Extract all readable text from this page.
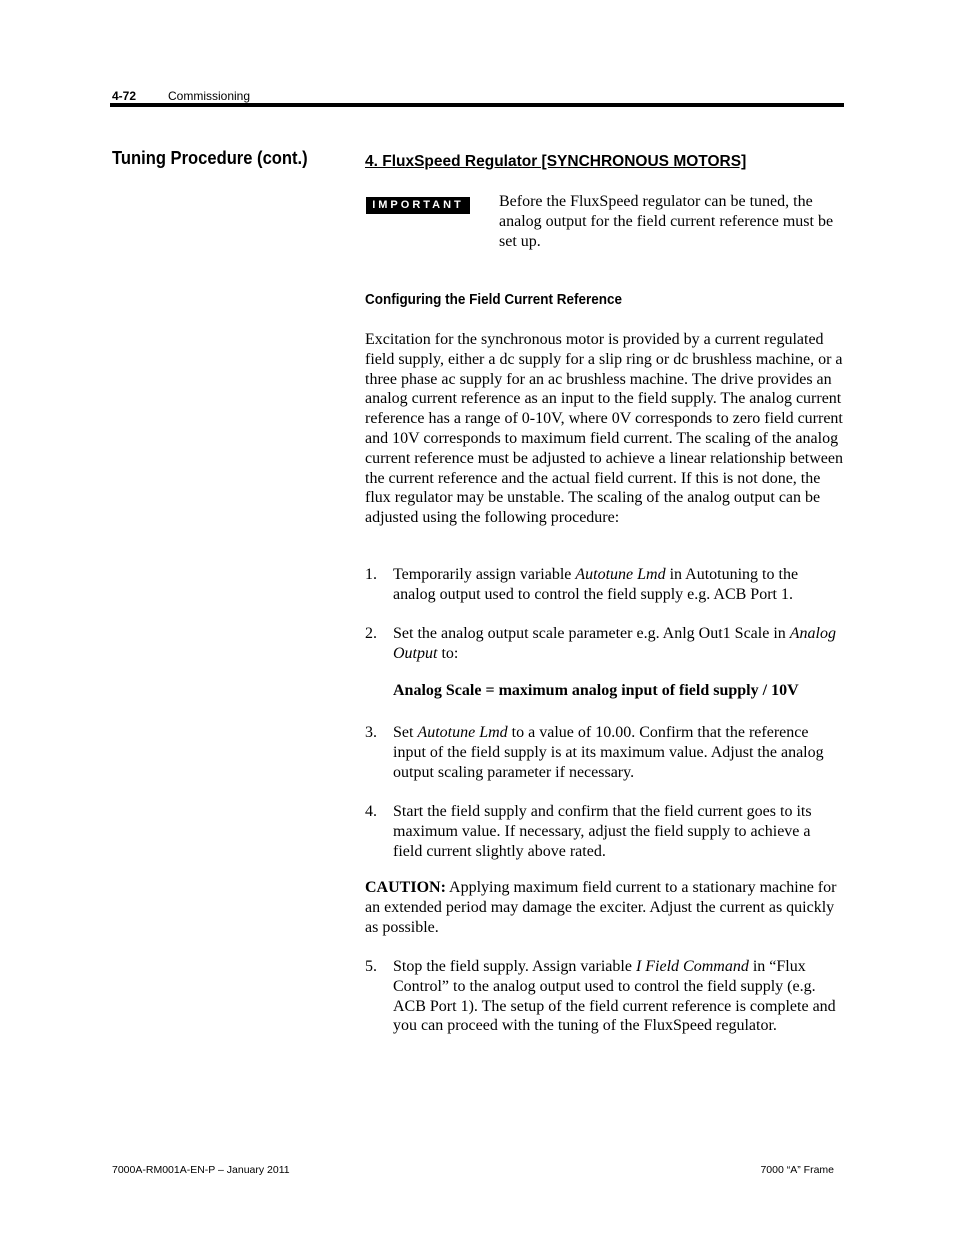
4-72	Commissioning
Tuning Procedure (cont.)	4. FluxSpeed Regulator [SYNCHRONOUS MOTORS]
IMPORTANT	Before the FluxSpeed regulator can be tuned, the analog output for the field current reference must be set up.
Configuring the Field Current Reference

Excitation for the synchronous motor is provided by a current regulated field supply, either a dc supply for a slip ring or dc brushless machine, or a three phase ac supply for an ac brushless machine. The drive provides an analog current reference as an input to the field supply. The analog current reference has a range of 0-10V, where 0V corresponds to zero field current and 10V corresponds to maximum field current. The scaling of the analog current reference must be adjusted to achieve a linear relationship between the current reference and the actual field current. If this is not done, the flux regulator may be unstable. The scaling of the analog output can be adjusted using the following procedure:

1. Temporarily assign variable Autotune Lmd in Autotuning to the analog output used to control the field supply e.g. ACB Port 1.
2. Set the analog output scale parameter e.g. Anlg Out1 Scale in Analog Output to:
Analog Scale = maximum analog input of field supply / 10V
3. Set Autotune Lmd to a value of 10.00. Confirm that the reference input of the field supply is at its maximum value. Adjust the analog output scaling parameter if necessary.
4. Start the field supply and confirm that the field current goes to its maximum value. If necessary, adjust the field supply to achieve a field current slightly above rated.

CAUTION: Applying maximum field current to a stationary machine for an extended period may damage the exciter. Adjust the current as quickly as possible.

5. Stop the field supply. Assign variable I Field Command in “Flux Control” to the analog output used to control the field supply (e.g. ACB Port 1). The setup of the field current reference is complete and you can proceed with the tuning of the FluxSpeed regulator.
7000A-RM001A-EN-P – January 2011	7000 “A” Frame
